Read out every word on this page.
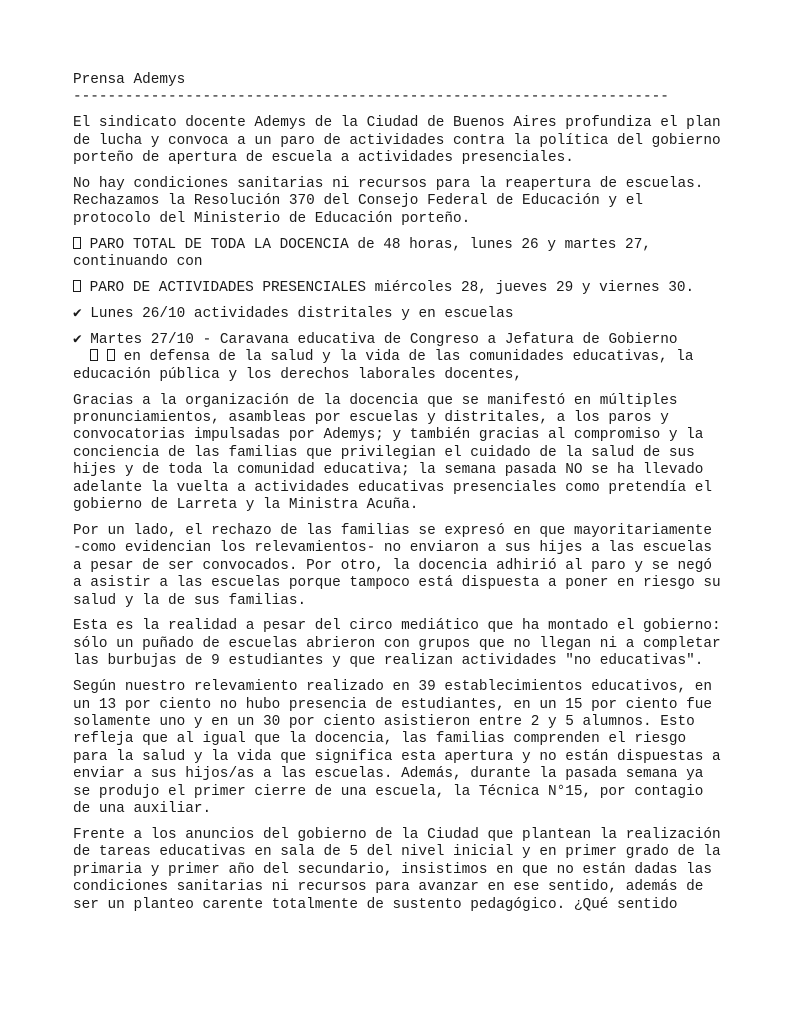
Prensa Ademys
---------------------------------------------------------------------
El sindicato docente Ademys de la Ciudad de Buenos Aires profundiza el plan
de lucha y convoca a un paro de actividades contra la política del gobierno
porteño de apertura de escuela a actividades presenciales.
No hay condiciones sanitarias ni recursos para la reapertura de escuelas.
Rechazamos la Resolución 370 del Consejo Federal de Educación y el
protocolo del Ministerio de Educación porteño.
PARO TOTAL DE TODA LA DOCENCIA de 48 horas, lunes 26 y martes 27,
continuando con
PARO DE ACTIVIDADES PRESENCIALES miércoles 28, jueves 29 y viernes 30.
✔ Lunes 26/10 actividades distritales y en escuelas
✔ Martes 27/10 - Caravana educativa de Congreso a Jefatura de Gobierno
en defensa de la salud y la vida de las comunidades educativas, la
educación pública y los derechos laborales docentes,
Gracias a la organización de la docencia que se manifestó en múltiples
pronunciamientos, asambleas por escuelas y distritales, a los paros y
convocatorias impulsadas por Ademys; y también gracias al compromiso y la
conciencia de las familias que privilegian el cuidado de la salud de sus
hijes y de toda la comunidad educativa; la semana pasada NO se ha llevado
adelante la vuelta a actividades educativas presenciales como pretendía el
gobierno de Larreta y la Ministra Acuña.
Por un lado, el rechazo de las familias se expresó en que mayoritariamente
-como evidencian los relevamientos- no enviaron a sus hijes a las escuelas
a pesar de ser convocados. Por otro, la docencia adhirió al paro y se negó
a asistir a las escuelas porque tampoco está dispuesta a poner en riesgo su
salud y la de sus familias.
Esta es la realidad a pesar del circo mediático que ha montado el gobierno:
sólo un puñado de escuelas abrieron con grupos que no llegan ni a completar
las burbujas de 9 estudiantes y que realizan actividades "no educativas".
Según nuestro relevamiento realizado en 39 establecimientos educativos, en
un 13 por ciento no hubo presencia de estudiantes, en un 15 por ciento fue
solamente uno y en un 30 por ciento asistieron entre 2 y 5 alumnos. Esto
refleja que al igual que la docencia, las familias comprenden el riesgo
para la salud y la vida que significa esta apertura y no están dispuestas a
enviar a sus hijos/as a las escuelas. Además, durante la pasada semana ya
se produjo el primer cierre de una escuela, la Técnica N°15, por contagio
de una auxiliar.
Frente a los anuncios del gobierno de la Ciudad que plantean la realización
de tareas educativas en sala de 5 del nivel inicial y en primer grado de la
primaria y primer año del secundario, insistimos en que no están dadas las
condiciones sanitarias ni recursos para avanzar en ese sentido, además de
ser un planteo carente totalmente de sustento pedagógico. ¿Qué sentido
